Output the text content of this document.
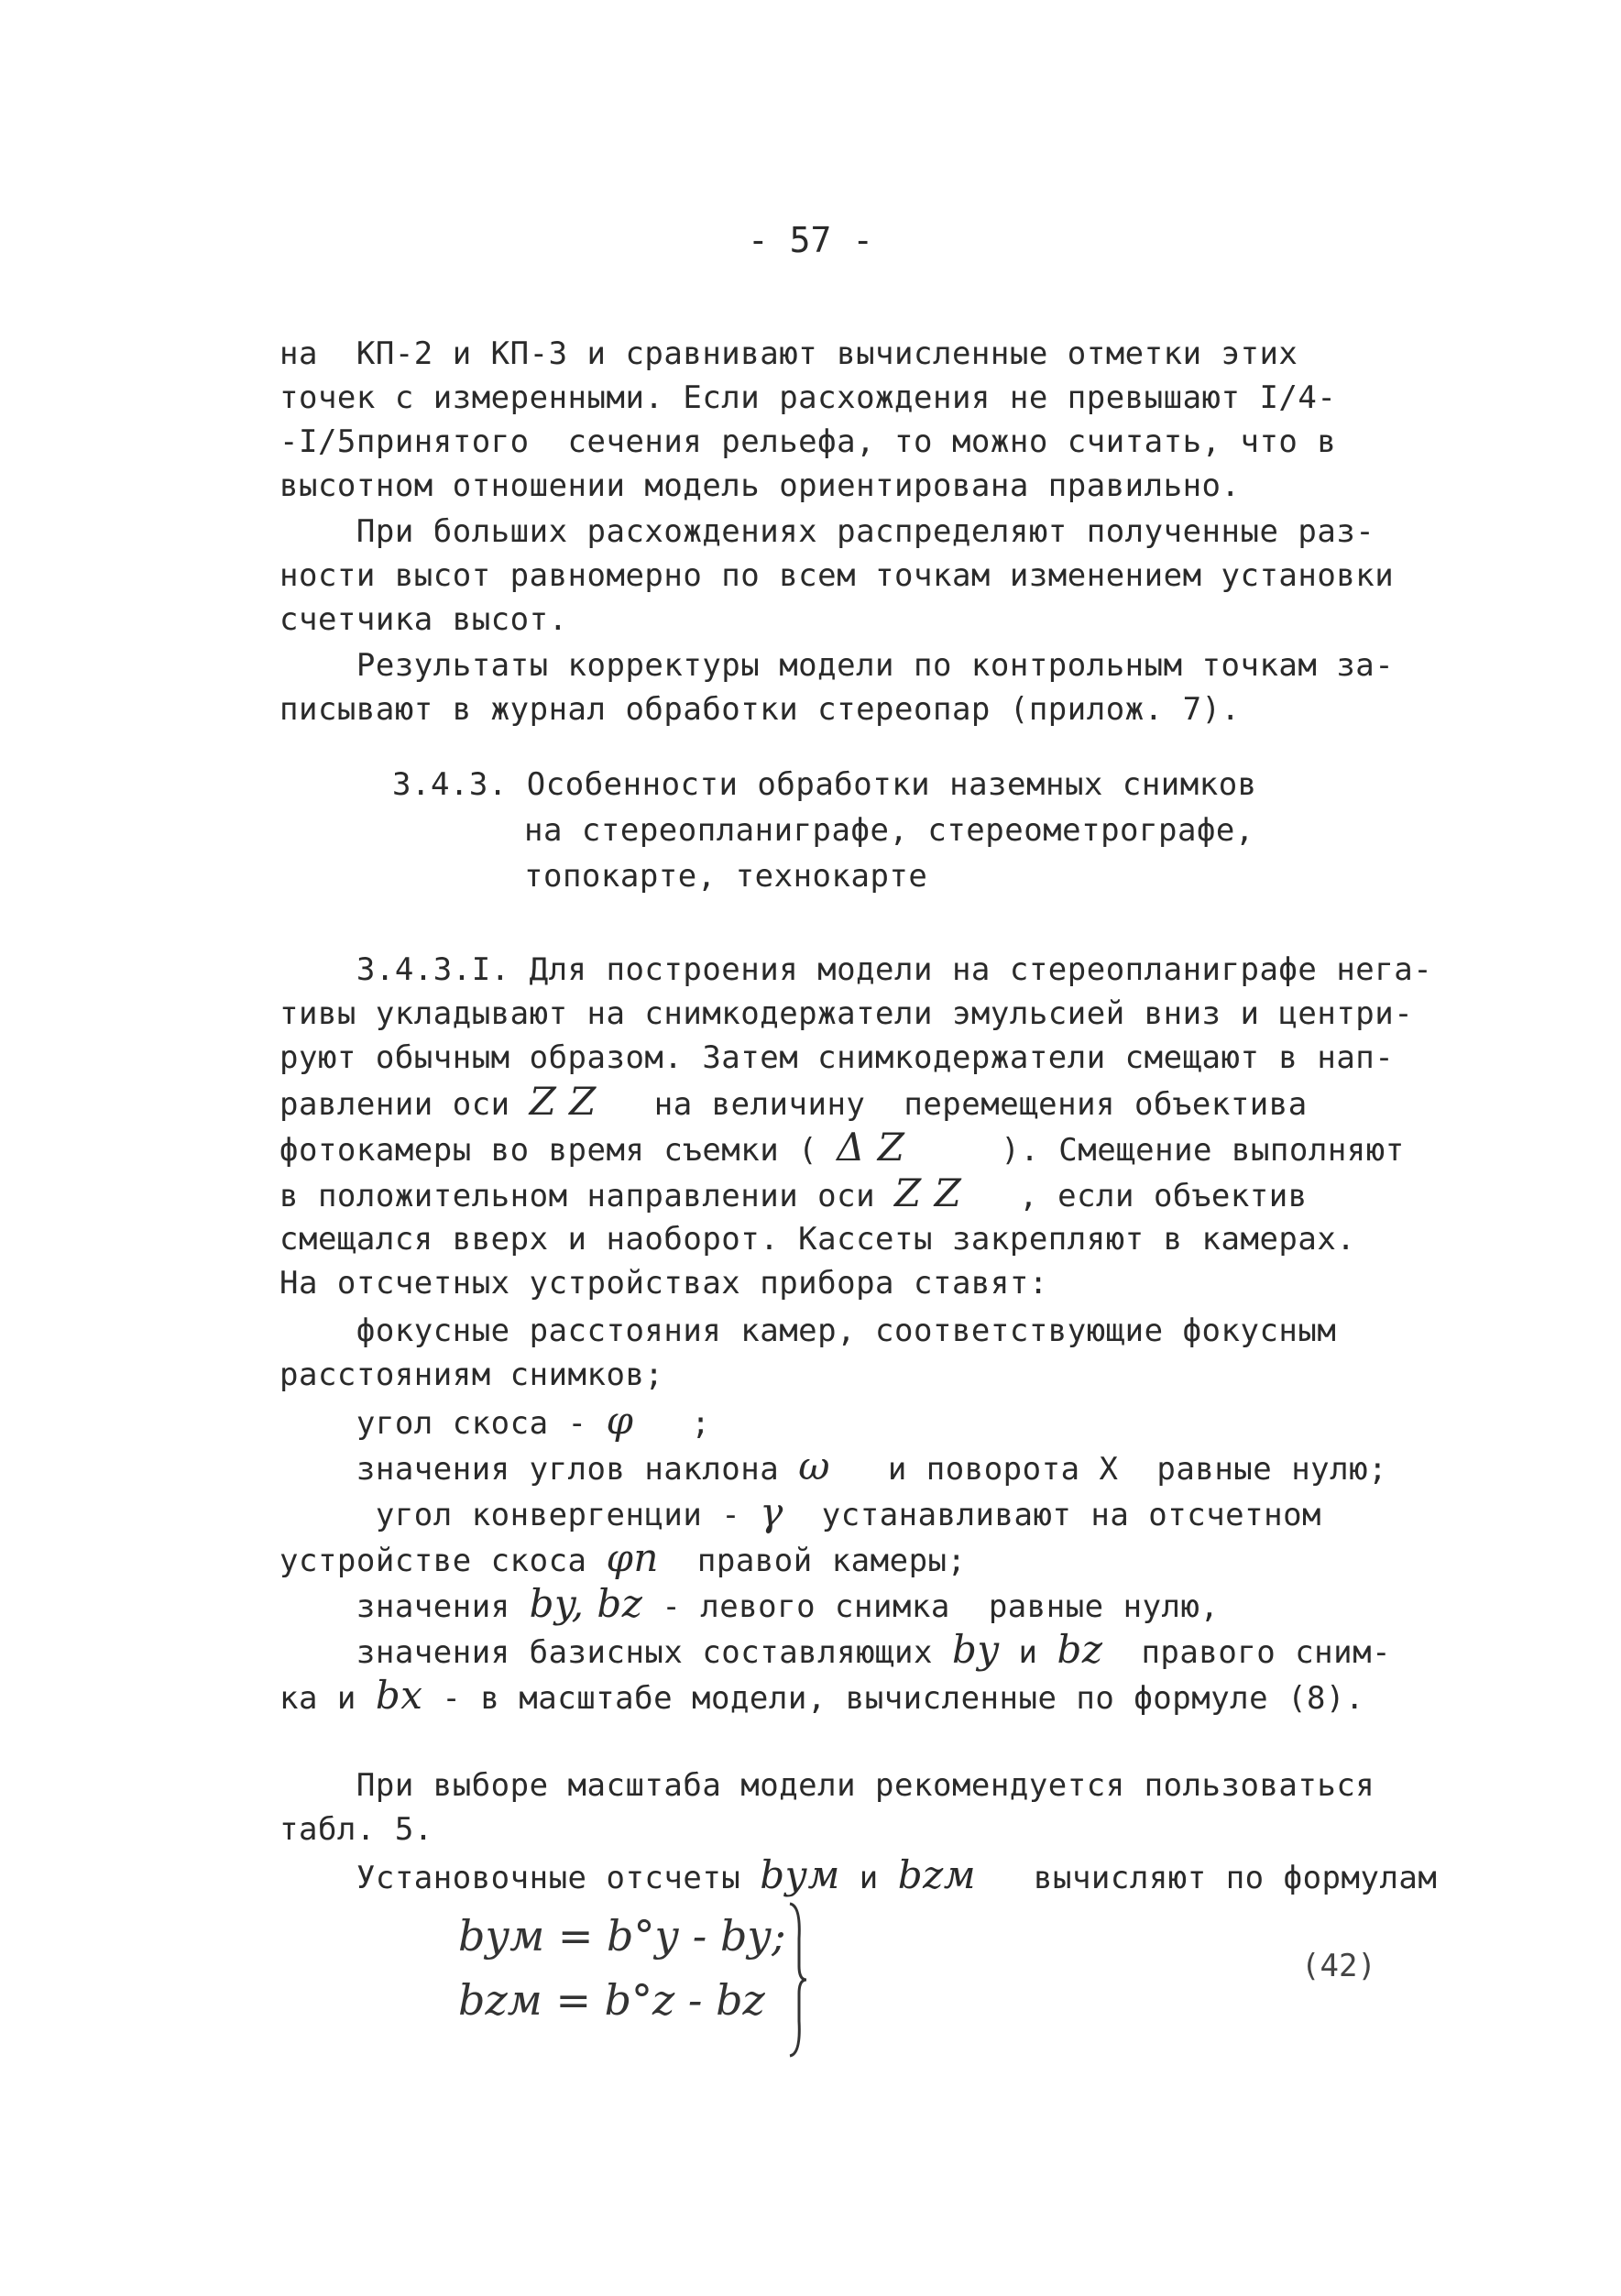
- 57 -
на  КП-2 и КП-3 и сравнивают вычисленные отметки этих
точек с измеренными. Если расхождения не превышают I/4-
-I/5принятого  сечения рельефа, то можно считать, что в
высотном отношении модель ориентирована правильно.
При больших расхождениях распределяют полученные раз-
ности высот равномерно по всем точкам изменением установки
счетчика высот.
Результаты корректуры модели по контрольным точкам за-
писывают в журнал обработки стереопар (прилож. 7).
3.4.3. Особенности обработки наземных снимков
на стереопланиграфе, стереометрографе,
топокарте, технокарте
3.4.3.I. Для построения модели на стереопланиграфе нега-
тивы укладывают на снимкодержатели эмульсией вниз и центри-
руют обычным образом. Затем снимкодержатели смещают в нап-
равлении оси Z Z   на величину  перемещения объектива
фотокамеры во время съемки ( Δ Z     ). Смещение выполняют
в положительном направлении оси Z Z   , если объектив
смещался вверх и наоборот. Кассеты закрепляют в камерах.
На отсчетных устройствах прибора ставят:
фокусные расстояния камер, соответствующие фокусным
расстояниям снимков;
угол скоса - φ   ;
значения углов наклона ω   и поворота Х  равные нулю;
угол конвергенции - γ  устанавливают на отсчетном
устройстве скоса φп  правой камеры;
значения by, bz - левого снимка  равные нулю,
значения базисных составляющих by и bz  правого сним-
ка и bx - в масштабе модели, вычисленные по формуле (8).
При выборе масштаба модели рекомендуется пользоваться
табл. 5.
Установочные отсчеты bум и bzм   вычисляют по формулам
bум = b°у - bу;
bzм = b°z - bz
(42)
